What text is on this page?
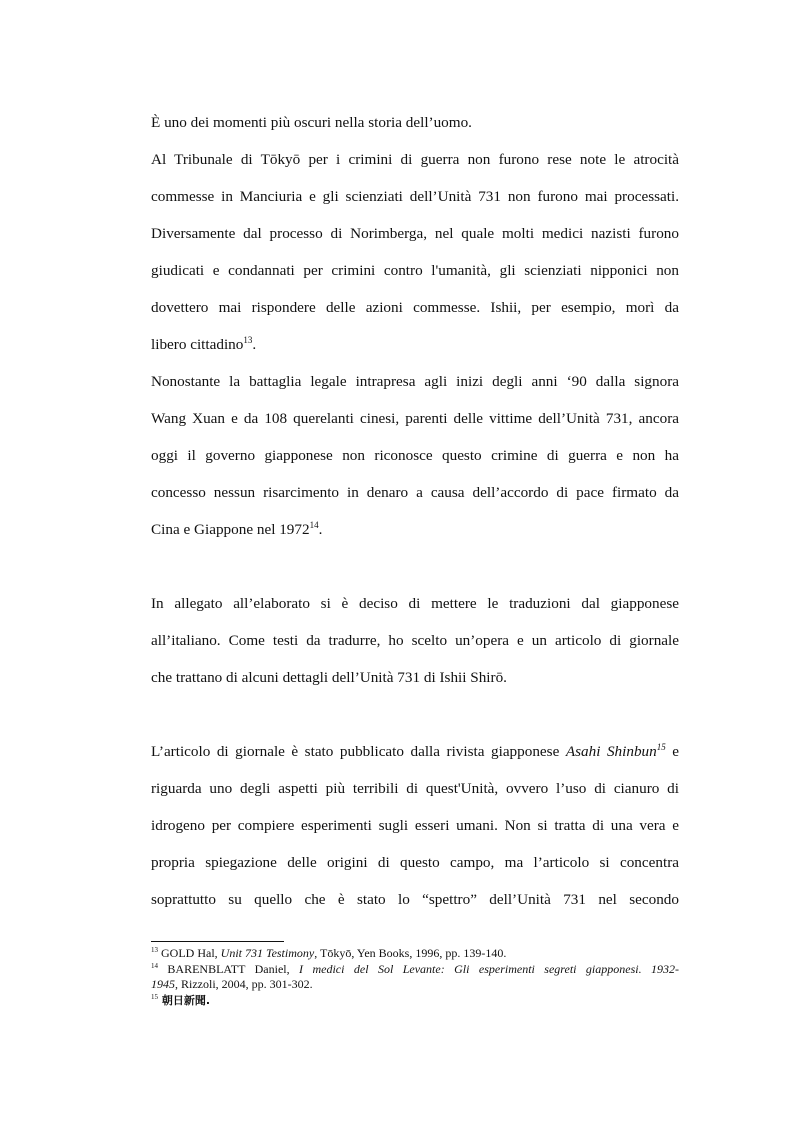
È uno dei momenti più oscuri nella storia dell’uomo.
Al Tribunale di Tōkyō per i crimini di guerra non furono rese note le atrocità
commesse in Manciuria e gli scienziati dell’Unità 731 non furono mai processati.
Diversamente dal processo di Norimberga, nel quale molti medici nazisti furono
giudicati e condannati per crimini contro l'umanità, gli scienziati nipponici non
dovettero mai rispondere delle azioni commesse. Ishii, per esempio, morì da
libero cittadino$^{13}$.
Nonostante la battaglia legale intrapresa agli inizi degli anni ‘90 dalla signora
Wang Xuan e da 108 querelanti cinesi, parenti delle vittime dell’Unità 731, ancora
oggi il governo giapponese non riconosce questo crimine di guerra e non ha
concesso nessun risarcimento in denaro a causa dell’accordo di pace firmato da
Cina e Giappone nel 1972$^{14}$.
In allegato all’elaborato si è deciso di mettere le traduzioni dal giapponese
all’italiano. Come testi da tradurre, ho scelto un’opera e un articolo di giornale
che trattano di alcuni dettagli dell’Unità 731 di Ishii Shirō.
L’articolo di giornale è stato pubblicato dalla rivista giapponese Asahi Shinbun$^{15}$ e
riguarda uno degli aspetti più terribili di quest'Unità, ovvero l’uso di cianuro di
idrogeno per compiere esperimenti sugli esseri umani. Non si tratta di una vera e
propria spiegazione delle origini di questo campo, ma l’articolo si concentra
soprattutto su quello che è stato lo “spettro” dell’Unità 731 nel secondo
$^{13}$ GOLD Hal, Unit 731 Testimony, Tōkyō, Yen Books, 1996, pp. 139-140.
$^{14}$ BARENBLATT Daniel, I medici del Sol Levante: Gli esperimenti segreti giapponesi. 1932-
1945, Rizzoli, 2004, pp. 301-302.
$^{15}$ 朝日新聞.
